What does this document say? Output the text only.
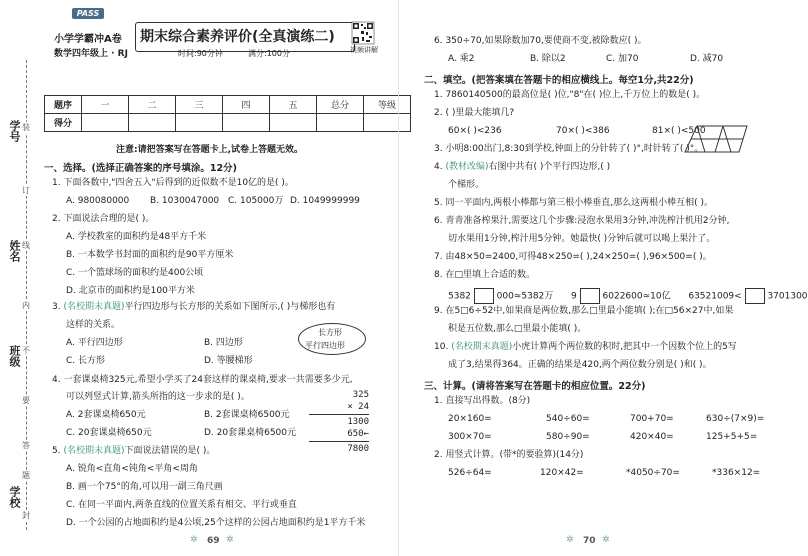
学号
姓名
班级
学校
装
订
线
内
不
要
答
题
封
PASS
小学学霸冲A卷
数学四年级上 · RJ
期末综合素养评价(全真演练二)
时间:90分钟	满分:100分	视频讲解
题序	一	二	三	四	五	总分	等级
得分							
注意:请把答案写在答题卡上,试卷上答题无效。
一、选择。(选择正确答案的序号填涂。12分)
1. 下面各数中,"四舍五入"后得到的近似数不是10亿的是( )。
A. 980080000 B. 1030047000 C. 105000万 D. 1049999999
2. 下面说法合理的是( )。
A. 学校教室的面积约是48平方千米
B. 一本数学书封面的面积约是90平方厘米
C. 一个篮球场的面积约是400公顷
D. 北京市的面积约是100平方米
3. (名校期末真题)平行四边形与长方形的关系如下图所示,( )与梯形也有
这样的关系。
A. 平行四边形	B. 四边形
C. 长方形	D. 等腰梯形
长方形
平行四边形
4. 一套课桌椅325元,希望小学买了24套这样的课桌椅,要求一共需要多少元,
可以列竖式计算,箭头所指的这一步求的是( )。
A. 2套课桌椅650元	B. 2套课桌椅6500元
C. 20套课桌椅650元	D. 20套课桌椅6500元
325
× 24
1300
650←
7800
5. (名校期末真题)下面说法错误的是( )。
A. 锐角<直角<钝角<平角<周角
B. 画一个75°的角,可以用一副三角尺画
C. 在同一平面内,两条直线的位置关系有相交、平行或垂直
D. 一个公园的占地面积约是4公顷,25个这样的公园占地面积约是1平方千米
69
✲	✲
6. 350÷70,如果除数加70,要使商不变,被除数应( )。
A. 乘2	B. 除以2	C. 加70	D. 减70
二、填空。(把答案填在答题卡的相应横线上。每空1分,共22分)
1. 7860140500的最高位是( )位,"8"在( )位上,千万位上的数是( )。
2. ( )里最大能填几?
60×( )<236	70×( )<386	81×( )<500
3. 小明8:00出门,8:30到学校,钟面上的分针转了( )°,时针转了( )°。
4. (教材改编)右图中共有( )个平行四边形,( )
个梯形。
5. 同一平面内,两根小棒都与第三根小棒垂直,那么这两根小棒互相( )。
6. 青青准备榨果汁,需要这几个步骤:浸泡水果用3分钟,冲洗榨汁机用2分钟,
切水果用1分钟,榨汁用5分钟。她最快( )分钟后就可以喝上果汁了。
7. 由48×50=2400,可得48×250=( ),24×250=( ),96×500=( )。
8. 在□里填上合适的数。
5382	000≈5382万 9	6022600≈10亿 63521009<	3701300
9. 在5□6÷52中,如果商是两位数,那么□里最小能填( );在□56×27中,如果
积是五位数,那么□里最小能填( )。
10. (名校期末真题)小虎计算两个两位数的积时,把其中一个因数个位上的5写
成了3,结果得364。正确的结果是420,两个两位数分别是( )和( )。
三、计算。(请将答案写在答题卡的相应位置。22分)
1. 直接写出得数。(8分)
20×160=	540÷60=	700+70=	630÷(7×9)=
300×70=	580÷90=	420×40=	125+5+5=
2. 用竖式计算。(带*的要验算)(14分)
526÷64=	120×42=	*4050÷70=	*336×12=
70
✲	✲
